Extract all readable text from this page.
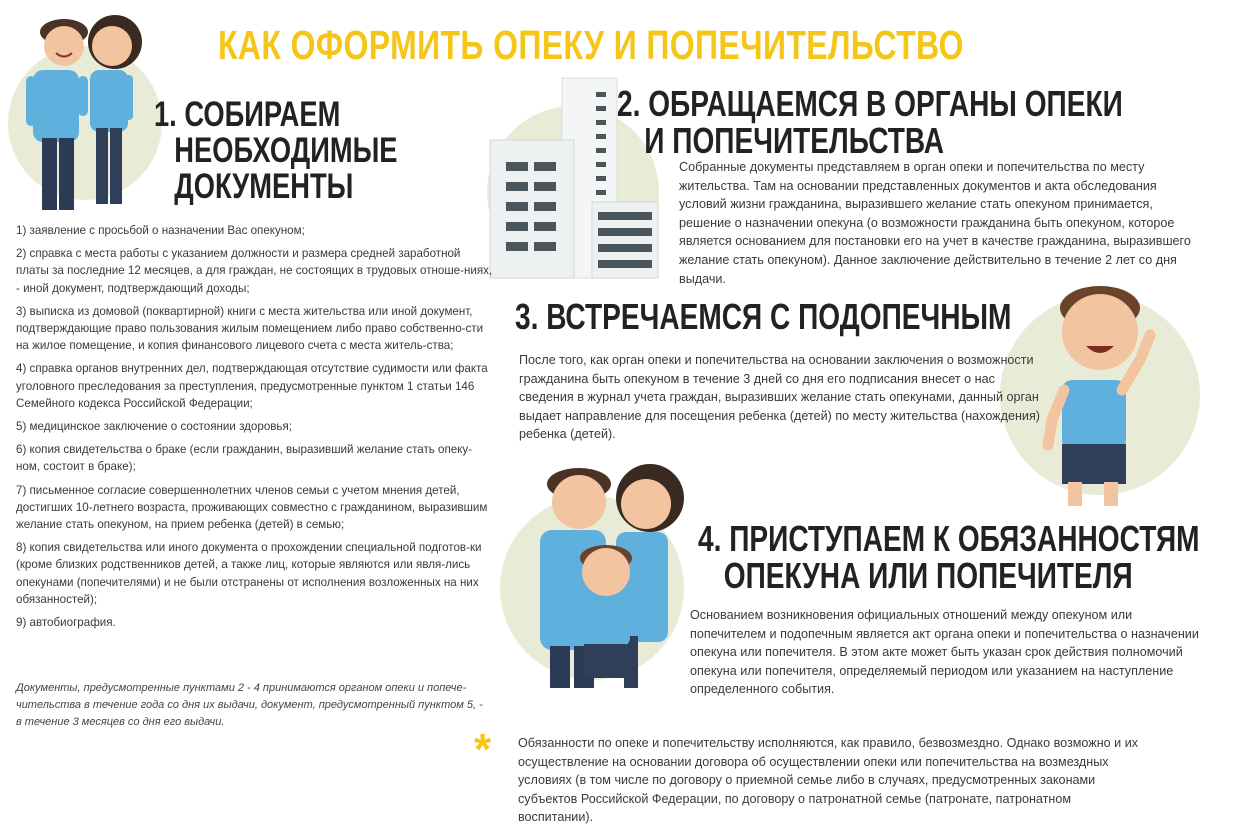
КАК ОФОРМИТЬ ОПЕКУ И ПОПЕЧИТЕЛЬСТВО
1. СОБИРАЕМ
НЕОБХОДИМЫЕ
ДОКУМЕНТЫ
1) заявление с просьбой о назначении Вас опекуном;
2) справка с места работы с указанием должности и размера средней заработной платы за последние 12 месяцев, а для граждан, не состоящих в трудовых отноше-ниях, - иной документ, подтверждающий доходы;
3) выписка из домовой (поквартирной) книги с места жительства или иной документ, подтверждающие право пользования жилым помещением либо право собственно-сти на жилое помещение, и копия финансового лицевого счета с места житель-ства;
4) справка органов внутренних дел, подтверждающая отсутствие судимости или факта уголовного преследования за преступления, предусмотренные пунктом 1 статьи 146 Семейного кодекса Российской Федерации;
5) медицинское заключение о состоянии здоровья;
6) копия свидетельства о браке (если гражданин, выразивший желание стать опеку-ном, состоит в браке);
7) письменное согласие совершеннолетних членов семьи с учетом мнения детей, достигших 10-летнего возраста, проживающих совместно с гражданином, выразившим желание стать опекуном, на прием ребенка (детей) в семью;
8) копия свидетельства или иного документа о прохождении специальной подготов-ки (кроме близких родственников детей, а также лиц, которые являются или явля-лись опекунами (попечителями) и не были отстранены от исполнения возложенных на них обязанностей);
9) автобиография.
Документы, предусмотренные пунктами 2 - 4 принимаются органом опеки и попече-чительства в течение года со дня их выдачи, документ, предусмотренный пунктом 5, - в течение 3 месяцев со дня его выдачи.
2. ОБРАЩАЕМСЯ В ОРГАНЫ ОПЕКИ
И ПОПЕЧИТЕЛЬСТВА
Собранные документы представляем в орган опеки и попечительства по месту жительства. Там на основании представленных документов и акта обследования условий жизни гражданина, выразившего желание стать опекуном принимается, решение о назначении опекуна (о возможности гражданина быть опекуном, которое является основанием для постановки его на учет в качестве гражданина, выразившего желание стать опекуном). Данное заключение действительно в течение 2 лет со дня выдачи.
3. ВСТРЕЧАЕМСЯ С ПОДОПЕЧНЫМ
После того, как орган опеки и попечительства на основании заключения о возможности гражданина быть опекуном в течение 3 дней со дня его подписания внесет о нас сведения в журнал учета граждан, выразивших желание стать опекунами, данный орган выдает направление для посещения ребенка (детей) по месту жительства (нахождения) ребенка (детей).
4. ПРИСТУПАЕМ К ОБЯЗАННОСТЯМ
ОПЕКУНА ИЛИ ПОПЕЧИТЕЛЯ
Основанием возникновения официальных отношений между опекуном или попечителем и подопечным является акт органа опеки и попечительства о назначении опекуна или попечителя. В этом акте может быть указан срок действия полномочий опекуна или попечителя, определяемый периодом или указанием на наступление определенного события.
* Обязанности по опеке и попечительству исполняются, как правило, безвозмездно. Однако возможно и их осуществление на основании договора об осуществлении опеки или попечительства на возмездных условиях (в том числе по договору о приемной семье либо в случаях, предусмотренных законами субъектов Российской Федерации, по договору о патронатной семье (патронате, патронатном воспитании).
